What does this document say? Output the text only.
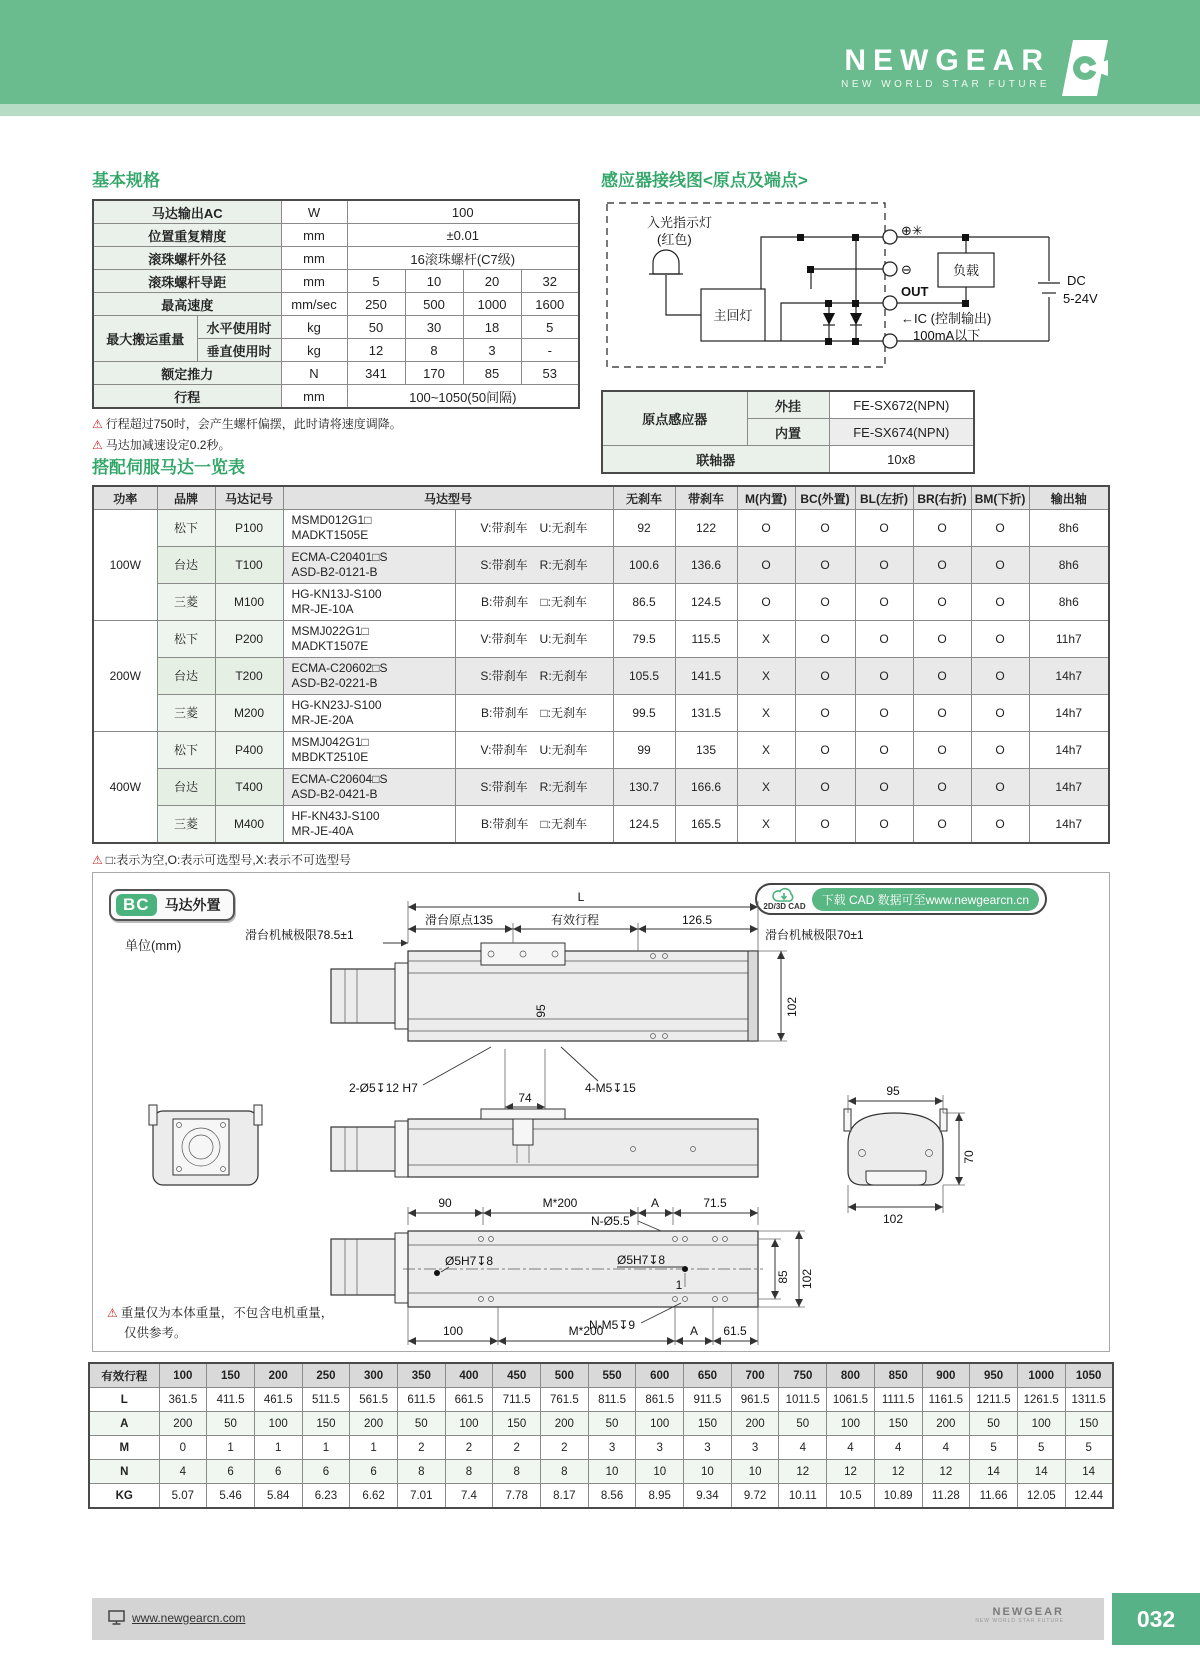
NEWGEAR
NEW WORLD STAR FUTURE
基本规格
马达输出AC		W	100			
位置重复精度		mm	±0.01			
滚珠螺杆外径		mm	16滚珠螺杆(C7级)			
滚珠螺杆导距		mm	5	10	20	32
最高速度		mm/sec	250	500	1000	1600
最大搬运重量	水平使用时	kg	50	30	18	5
	垂直使用时	kg	12	8	3	-
额定推力		N	341	170	85	53
行程		mm	100~1050(50间隔)			
⚠ 行程超过750时，会产生螺杆偏摆，此时请将速度调降。
⚠ 马达加减速设定0.2秒。
感应器接线图<原点及端点>
入光指示灯
(红色)
主回灯
⊕✳
⊖
OUT
←IC (控制输出)
100mA以下
负载
DC
5-24V
原点感应器	外挂	FE-SX672(NPN)
	内置	FE-SX674(NPN)
联轴器		10x8
搭配伺服马达一览表
功率	品牌	马达记号	马达型号		无刹车	带刹车	M(内置)	BC(外置)	BL(左折)	BR(右折)	BM(下折)	输出轴
100W	松下	P100	MSMD012G1□
MADKT1505E	V:带刹车　U:无刹车	92	122	O	O	O	O	O	8h6
	台达	T100	ECMA-C20401□S
ASD-B2-0121-B	S:带刹车　R:无刹车	100.6	136.6	O	O	O	O	O	8h6
	三菱	M100	HG-KN13J-S100
MR-JE-10A	B:带刹车　□:无刹车	86.5	124.5	O	O	O	O	O	8h6
200W	松下	P200	MSMJ022G1□
MADKT1507E	V:带刹车　U:无刹车	79.5	115.5	X	O	O	O	O	11h7
	台达	T200	ECMA-C20602□S
ASD-B2-0221-B	S:带刹车　R:无刹车	105.5	141.5	X	O	O	O	O	14h7
	三菱	M200	HG-KN23J-S100
MR-JE-20A	B:带刹车　□:无刹车	99.5	131.5	X	O	O	O	O	14h7
400W	松下	P400	MSMJ042G1□
MBDKT2510E	V:带刹车　U:无刹车	99	135	X	O	O	O	O	14h7
	台达	T400	ECMA-C20604□S
ASD-B2-0421-B	S:带刹车　R:无刹车	130.7	166.6	X	O	O	O	O	14h7
	三菱	M400	HF-KN43J-S100
MR-JE-40A	B:带刹车　□:无刹车	124.5	165.5	X	O	O	O	O	14h7
⚠ □:表示为空,O:表示可选型号,X:表示不可选型号
BC	马达外置
单位(mm)
2D/3D CAD	下载 CAD 数据可至www.newgearcn.cn
L
滑台原点135	有效行程	126.5
滑台机械极限78.5±1	滑台机械极限70±1
95	102
2-Ø5↧12 H7	4-M5↧15
74	95
70
102
90	M*200	A	71.5
N-Ø5.5
Ø5H7↧8	Ø5H7↧8
1
85 102
N-M5↧9
100	M*200	A 61.5
⚠ 重量仅为本体重量，不包含电机重量，
仅供参考。
有效行程	100	150	200	250	300	350	400	450	500	550	600	650	700	750	800	850	900	950	1000	1050
L	361.5	411.5	461.5	511.5	561.5	611.5	661.5	711.5	761.5	811.5	861.5	911.5	961.5	1011.5	1061.5	1111.5	1161.5	1211.5	1261.5	1311.5
A	200	50	100	150	200	50	100	150	200	50	100	150	200	50	100	150	200	50	100	150
M	0	1	1	1	1	2	2	2	2	3	3	3	3	4	4	4	4	5	5	5
N	4	6	6	6	6	8	8	8	8	10	10	10	10	12	12	12	12	14	14	14
KG	5.07	5.46	5.84	6.23	6.62	7.01	7.4	7.78	8.17	8.56	8.95	9.34	9.72	10.11	10.5	10.89	11.28	11.66	12.05	12.44
www.newgearcn.com	NEWGEAR
NEW WORLD STAR FUTURE	032
